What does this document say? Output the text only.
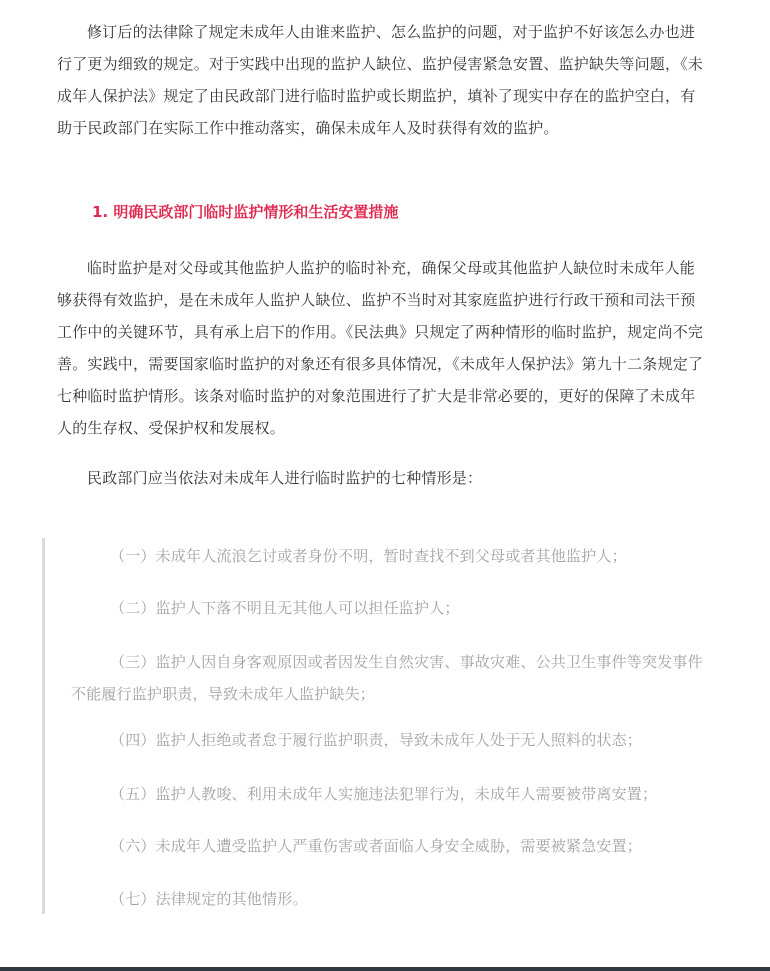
修订后的法律除了规定未成年人由谁来监护、怎么监护的问题，对于监护不好该怎么办也进行了更为细致的规定。对于实践中出现的监护人缺位、监护侵害紧急安置、监护缺失等问题，《未成年人保护法》规定了由民政部门进行临时监护或长期监护，填补了现实中存在的监护空白，有助于民政部门在实际工作中推动落实，确保未成年人及时获得有效的监护。

1. 明确民政部门临时监护情形和生活安置措施

临时监护是对父母或其他监护人监护的临时补充，确保父母或其他监护人缺位时未成年人能够获得有效监护，是在未成年人监护人缺位、监护不当时对其家庭监护进行行政干预和司法干预工作中的关键环节，具有承上启下的作用。《民法典》只规定了两种情形的临时监护，规定尚不完善。实践中，需要国家临时监护的对象还有很多具体情况，《未成年人保护法》第九十二条规定了七种临时监护情形。该条对临时监护的对象范围进行了扩大是非常必要的，更好的保障了未成年人的生存权、受保护权和发展权。

民政部门应当依法对未成年人进行临时监护的七种情形是：

（一）未成年人流浪乞讨或者身份不明，暂时查找不到父母或者其他监护人；

（二）监护人下落不明且无其他人可以担任监护人；

（三）监护人因自身客观原因或者因发生自然灾害、事故灾难、公共卫生事件等突发事件不能履行监护职责，导致未成年人监护缺失；

（四）监护人拒绝或者怠于履行监护职责，导致未成年人处于无人照料的状态；

（五）监护人教唆、利用未成年人实施违法犯罪行为，未成年人需要被带离安置；

（六）未成年人遭受监护人严重伤害或者面临人身安全威胁，需要被紧急安置；

（七）法律规定的其他情形。
